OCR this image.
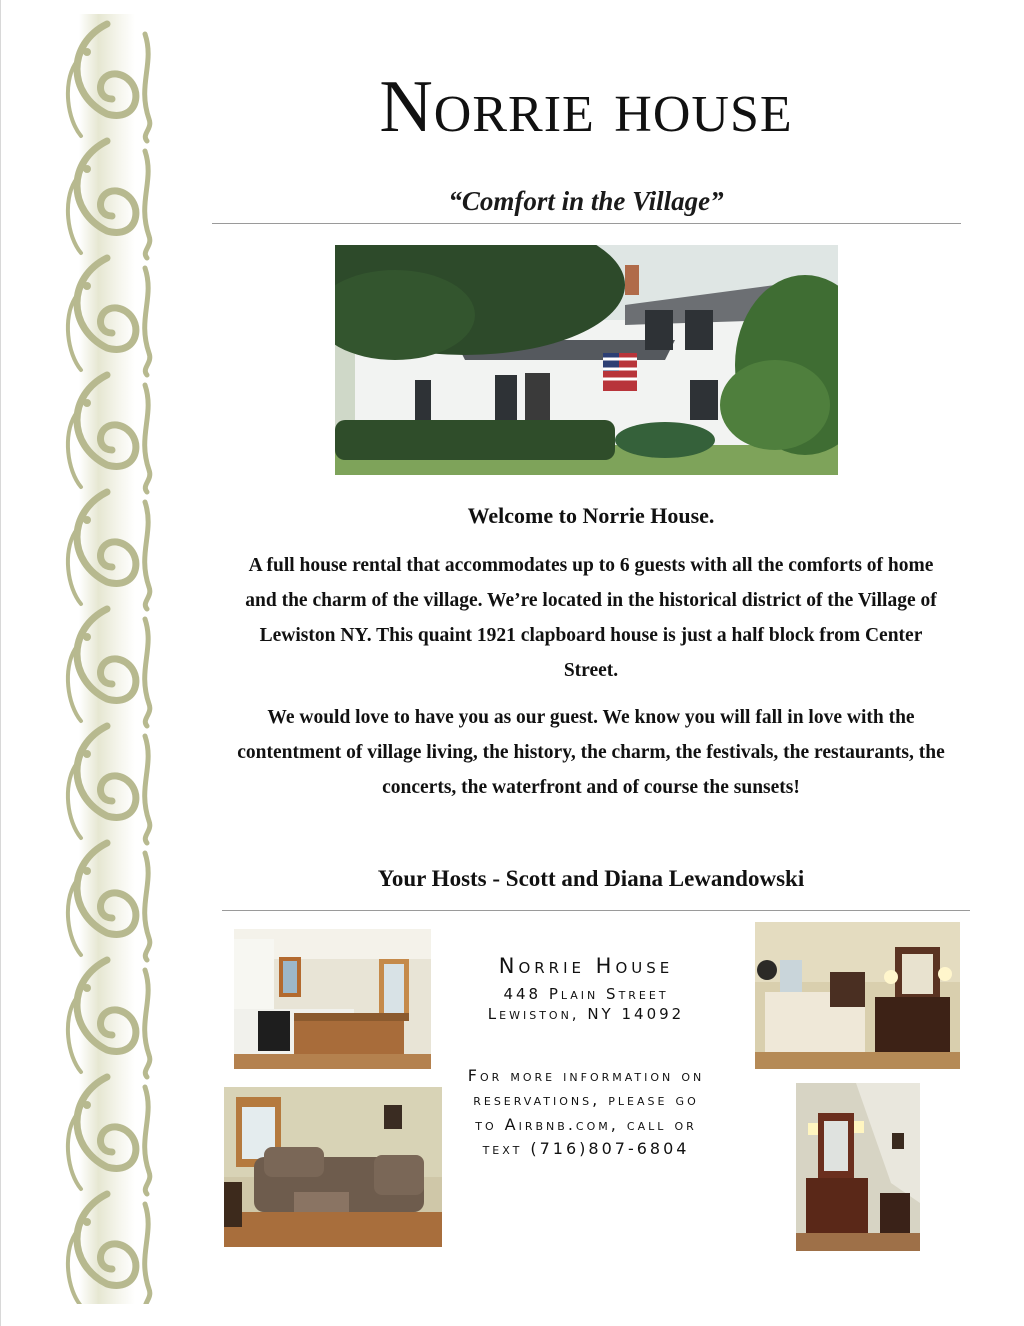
Norrie house
“Comfort in the Village”
Welcome to Norrie House.
A full house rental that accommodates up to 6 guests with all the comforts of home and the charm of the village. We’re located in the historical district of the Village of Lewiston NY. This quaint 1921 clapboard house is just a half block from Center Street.
We would love to have you as our guest. We know you will fall in love with the contentment of village living, the history, the charm, the festivals, the restaurants, the concerts, the waterfront and of course the sunsets!
Your Hosts - Scott and Diana Lewandowski
Norrie House
448 Plain Street
Lewiston, NY 14092
For more information on reservations, please go to Airbnb.com, call or text (716)807-6804
